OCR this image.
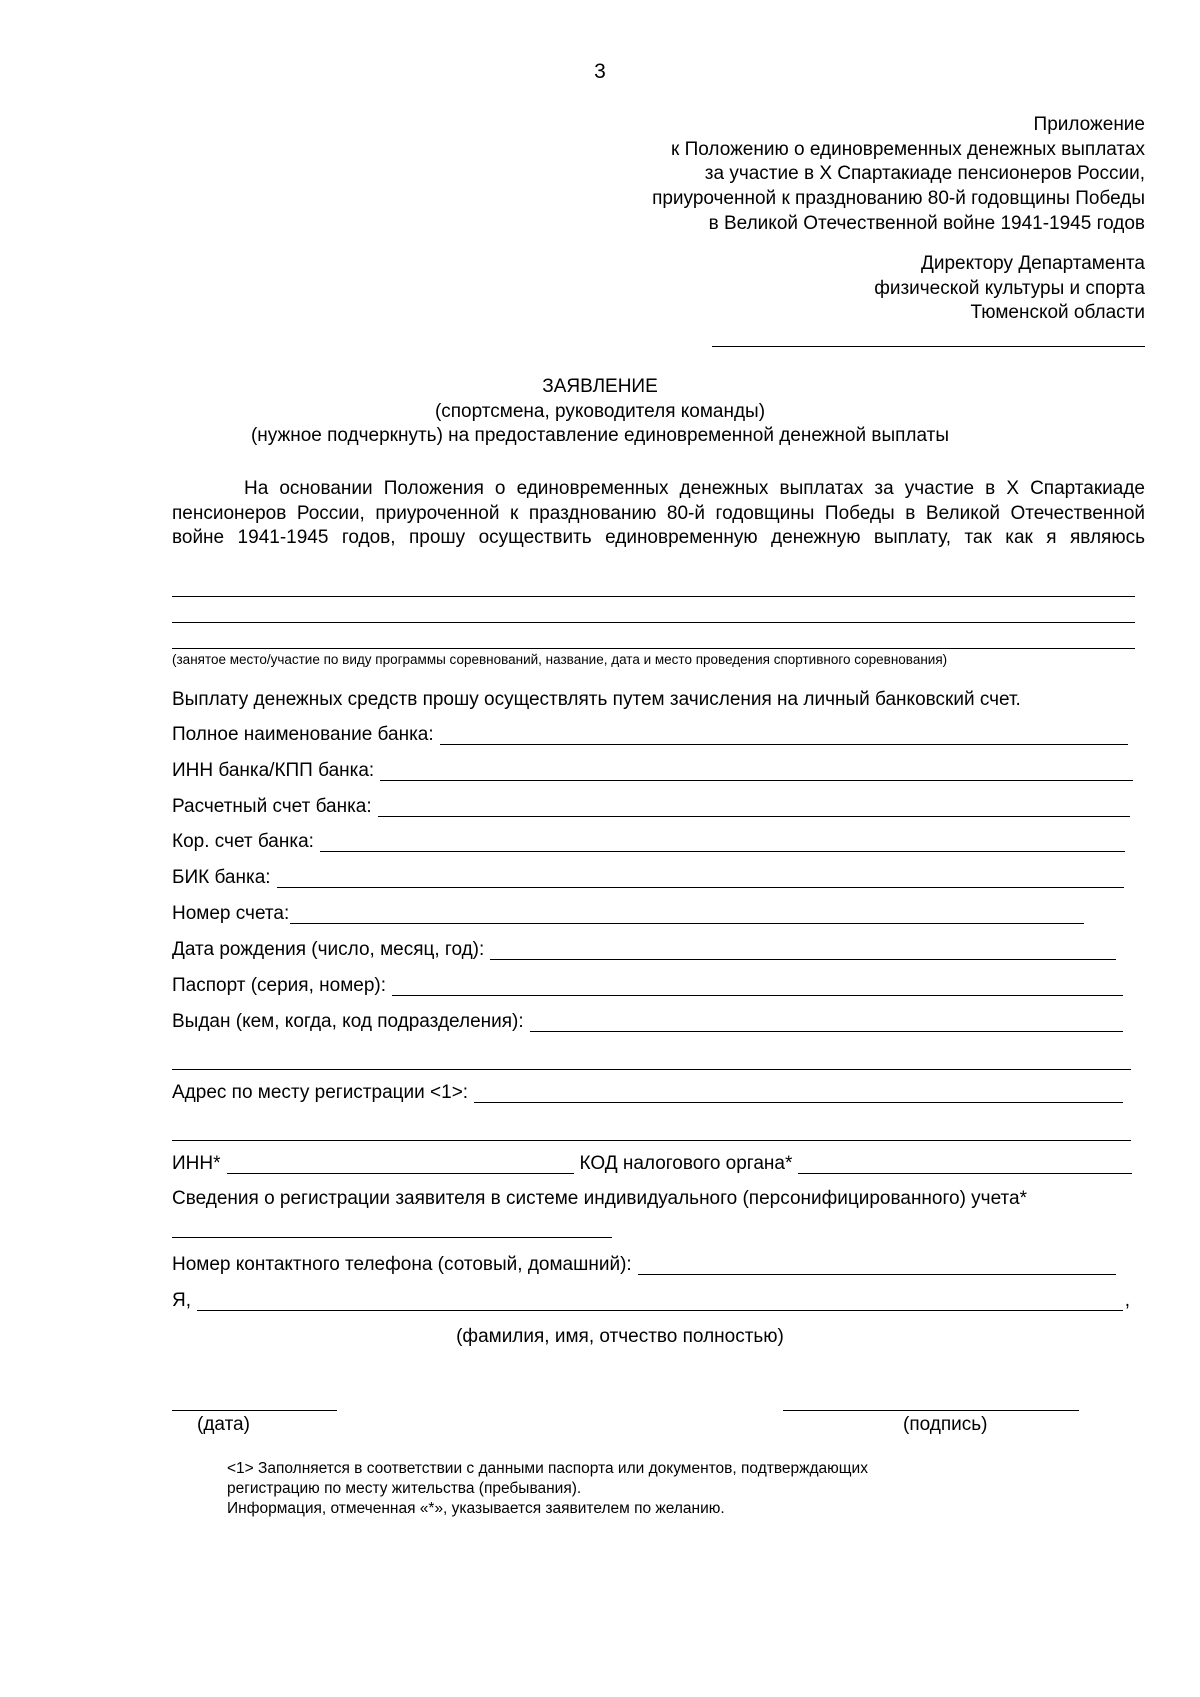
3
Приложение
к Положению о единовременных денежных выплатах
за участие в Х Спартакиаде пенсионеров России,
приуроченной к празднованию 80-й годовщины Победы
в Великой Отечественной войне 1941-1945 годов
Директору Департамента
физической культуры и спорта
Тюменской области
ЗАЯВЛЕНИЕ
(спортсмена, руководителя команды)
(нужное подчеркнуть) на предоставление единовременной денежной выплаты
На основании Положения о единовременных денежных выплатах за участие в Х Спартакиаде пенсионеров России, приуроченной к празднованию 80-й годовщины Победы в Великой Отечественной войне 1941-1945 годов, прошу осуществить единовременную денежную выплату, так как я являюсь
(занятое место/участие по виду программы соревнований, название, дата и место проведения спортивного соревнования)
Выплату денежных средств прошу осуществлять путем зачисления на личный банковский счет.
Полное наименование банка:
ИНН банка/КПП банка:
Расчетный счет банка:
Кор. счет банка:
БИК банка:
Номер счета:
Дата рождения (число, месяц, год):
Паспорт (серия, номер):
Выдан (кем, когда, код подразделения):
Адрес по месту регистрации <1>:
ИНН*	КОД налогового органа*
Сведения о регистрации заявителя в системе индивидуального (персонифицированного) учета*
Номер контактного телефона (сотовый, домашний):
Я,	,
(фамилия, имя, отчество полностью)
(дата)	(подпись)
<1> Заполняется в соответствии с данными паспорта или документов, подтверждающих
регистрацию по месту жительства (пребывания).
Информация, отмеченная «*», указывается заявителем по желанию.
